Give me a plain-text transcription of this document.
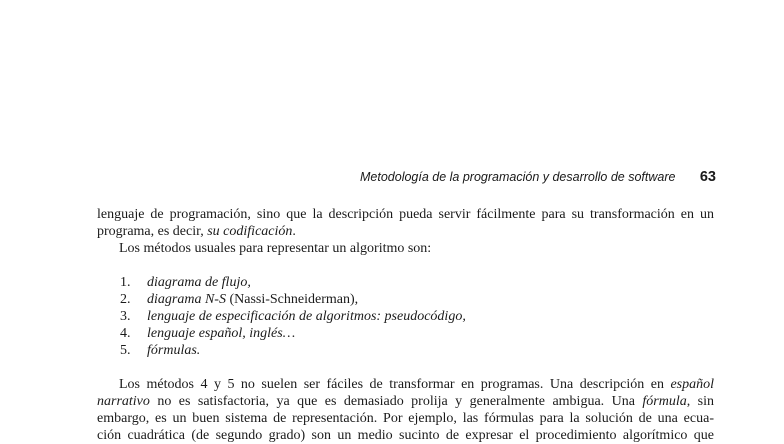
Metodología de la programación y desarrollo de software 63
lenguaje de programación, sino que la descripción pueda servir fácilmente para su transformación en un
programa, es decir, su codificación.
Los métodos usuales para representar un algoritmo son:
1. diagrama de flujo,
2. diagrama N-S (Nassi-Schneiderman),
3. lenguaje de especificación de algoritmos: pseudocódigo,
4. lenguaje español, inglés…
5. fórmulas.
Los métodos 4 y 5 no suelen ser fáciles de transformar en programas. Una descripción en español
narrativo no es satisfactoria, ya que es demasiado prolija y generalmente ambigua. Una fórmula, sin
embargo, es un buen sistema de representación. Por ejemplo, las fórmulas para la solución de una ecua-
ción cuadrática (de segundo grado) son un medio sucinto de expresar el procedimiento algorítmico que
